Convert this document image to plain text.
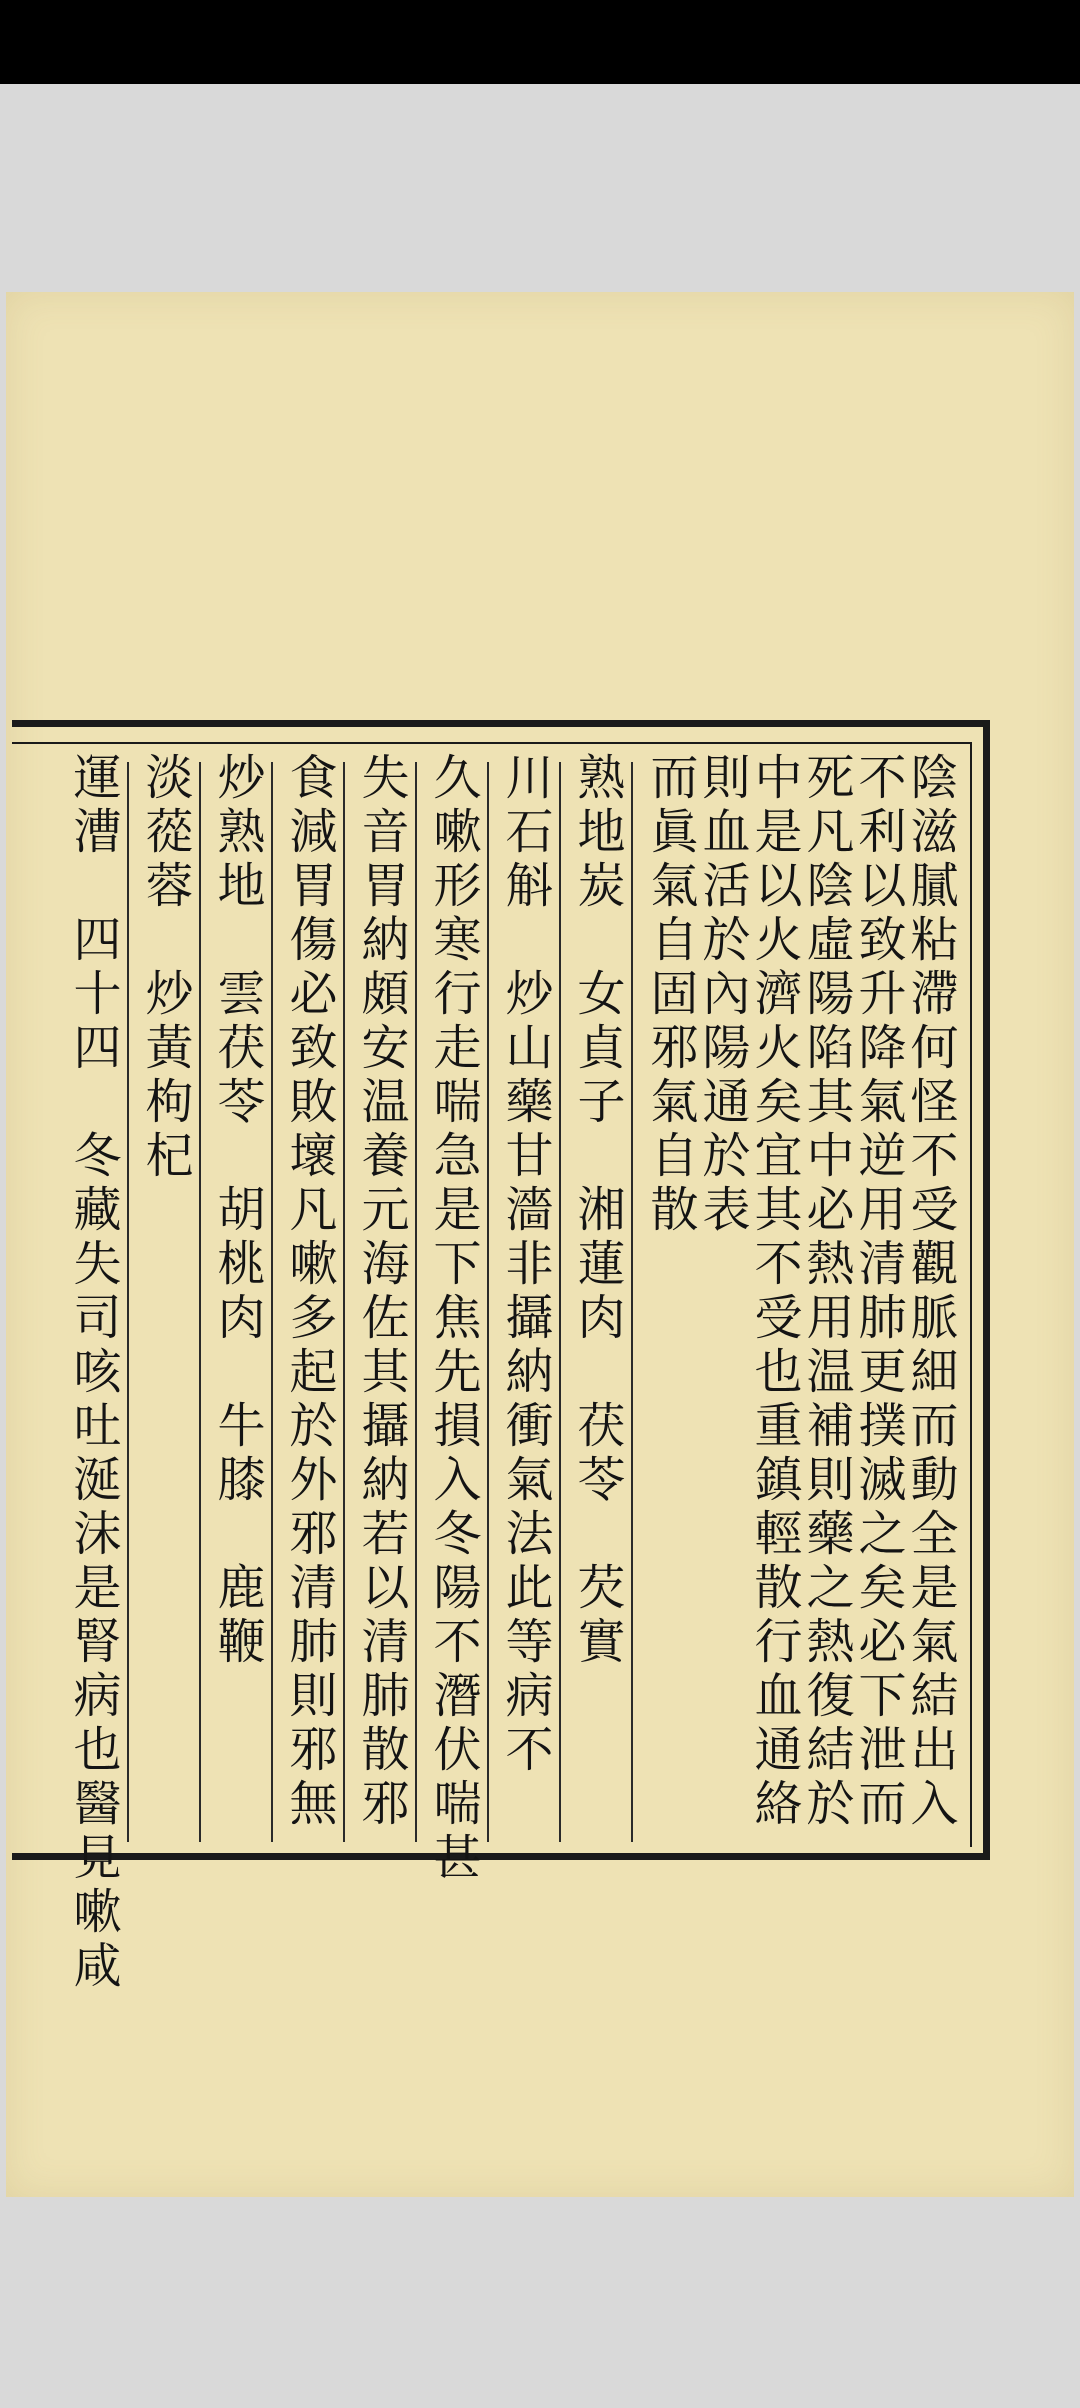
陰滋膩粘滯何怪不受觀脈細而動全是氣結出入
不利以致升降氣逆用清肺更撲滅之矣必下泄而
死凡陰虛陽陷其中必熱用温補則藥之熱復結於
中是以火濟火矣宜其不受也重鎮輕散行血通絡
則血活於內陽通於表
而眞氣自固邪氣自散
熟地炭　女貞子　湘蓮肉　茯苓　芡實
川石斛　炒山藥甘濇非攝納衝氣法此等病不
久嗽形寒行走喘急是下焦先損入冬陽不潛伏喘甚
失音胃納頗安温養元海佐其攝納若以清肺散邪
食減胃傷必致敗壞凡嗽多起於外邪清肺則邪無
炒熟地　雲茯苓　胡桃肉　牛膝　鹿鞭
淡蓯蓉　炒黃枸杞
運漕　四十四　冬藏失司咳吐涎沫是腎病也醫見嗽咸
